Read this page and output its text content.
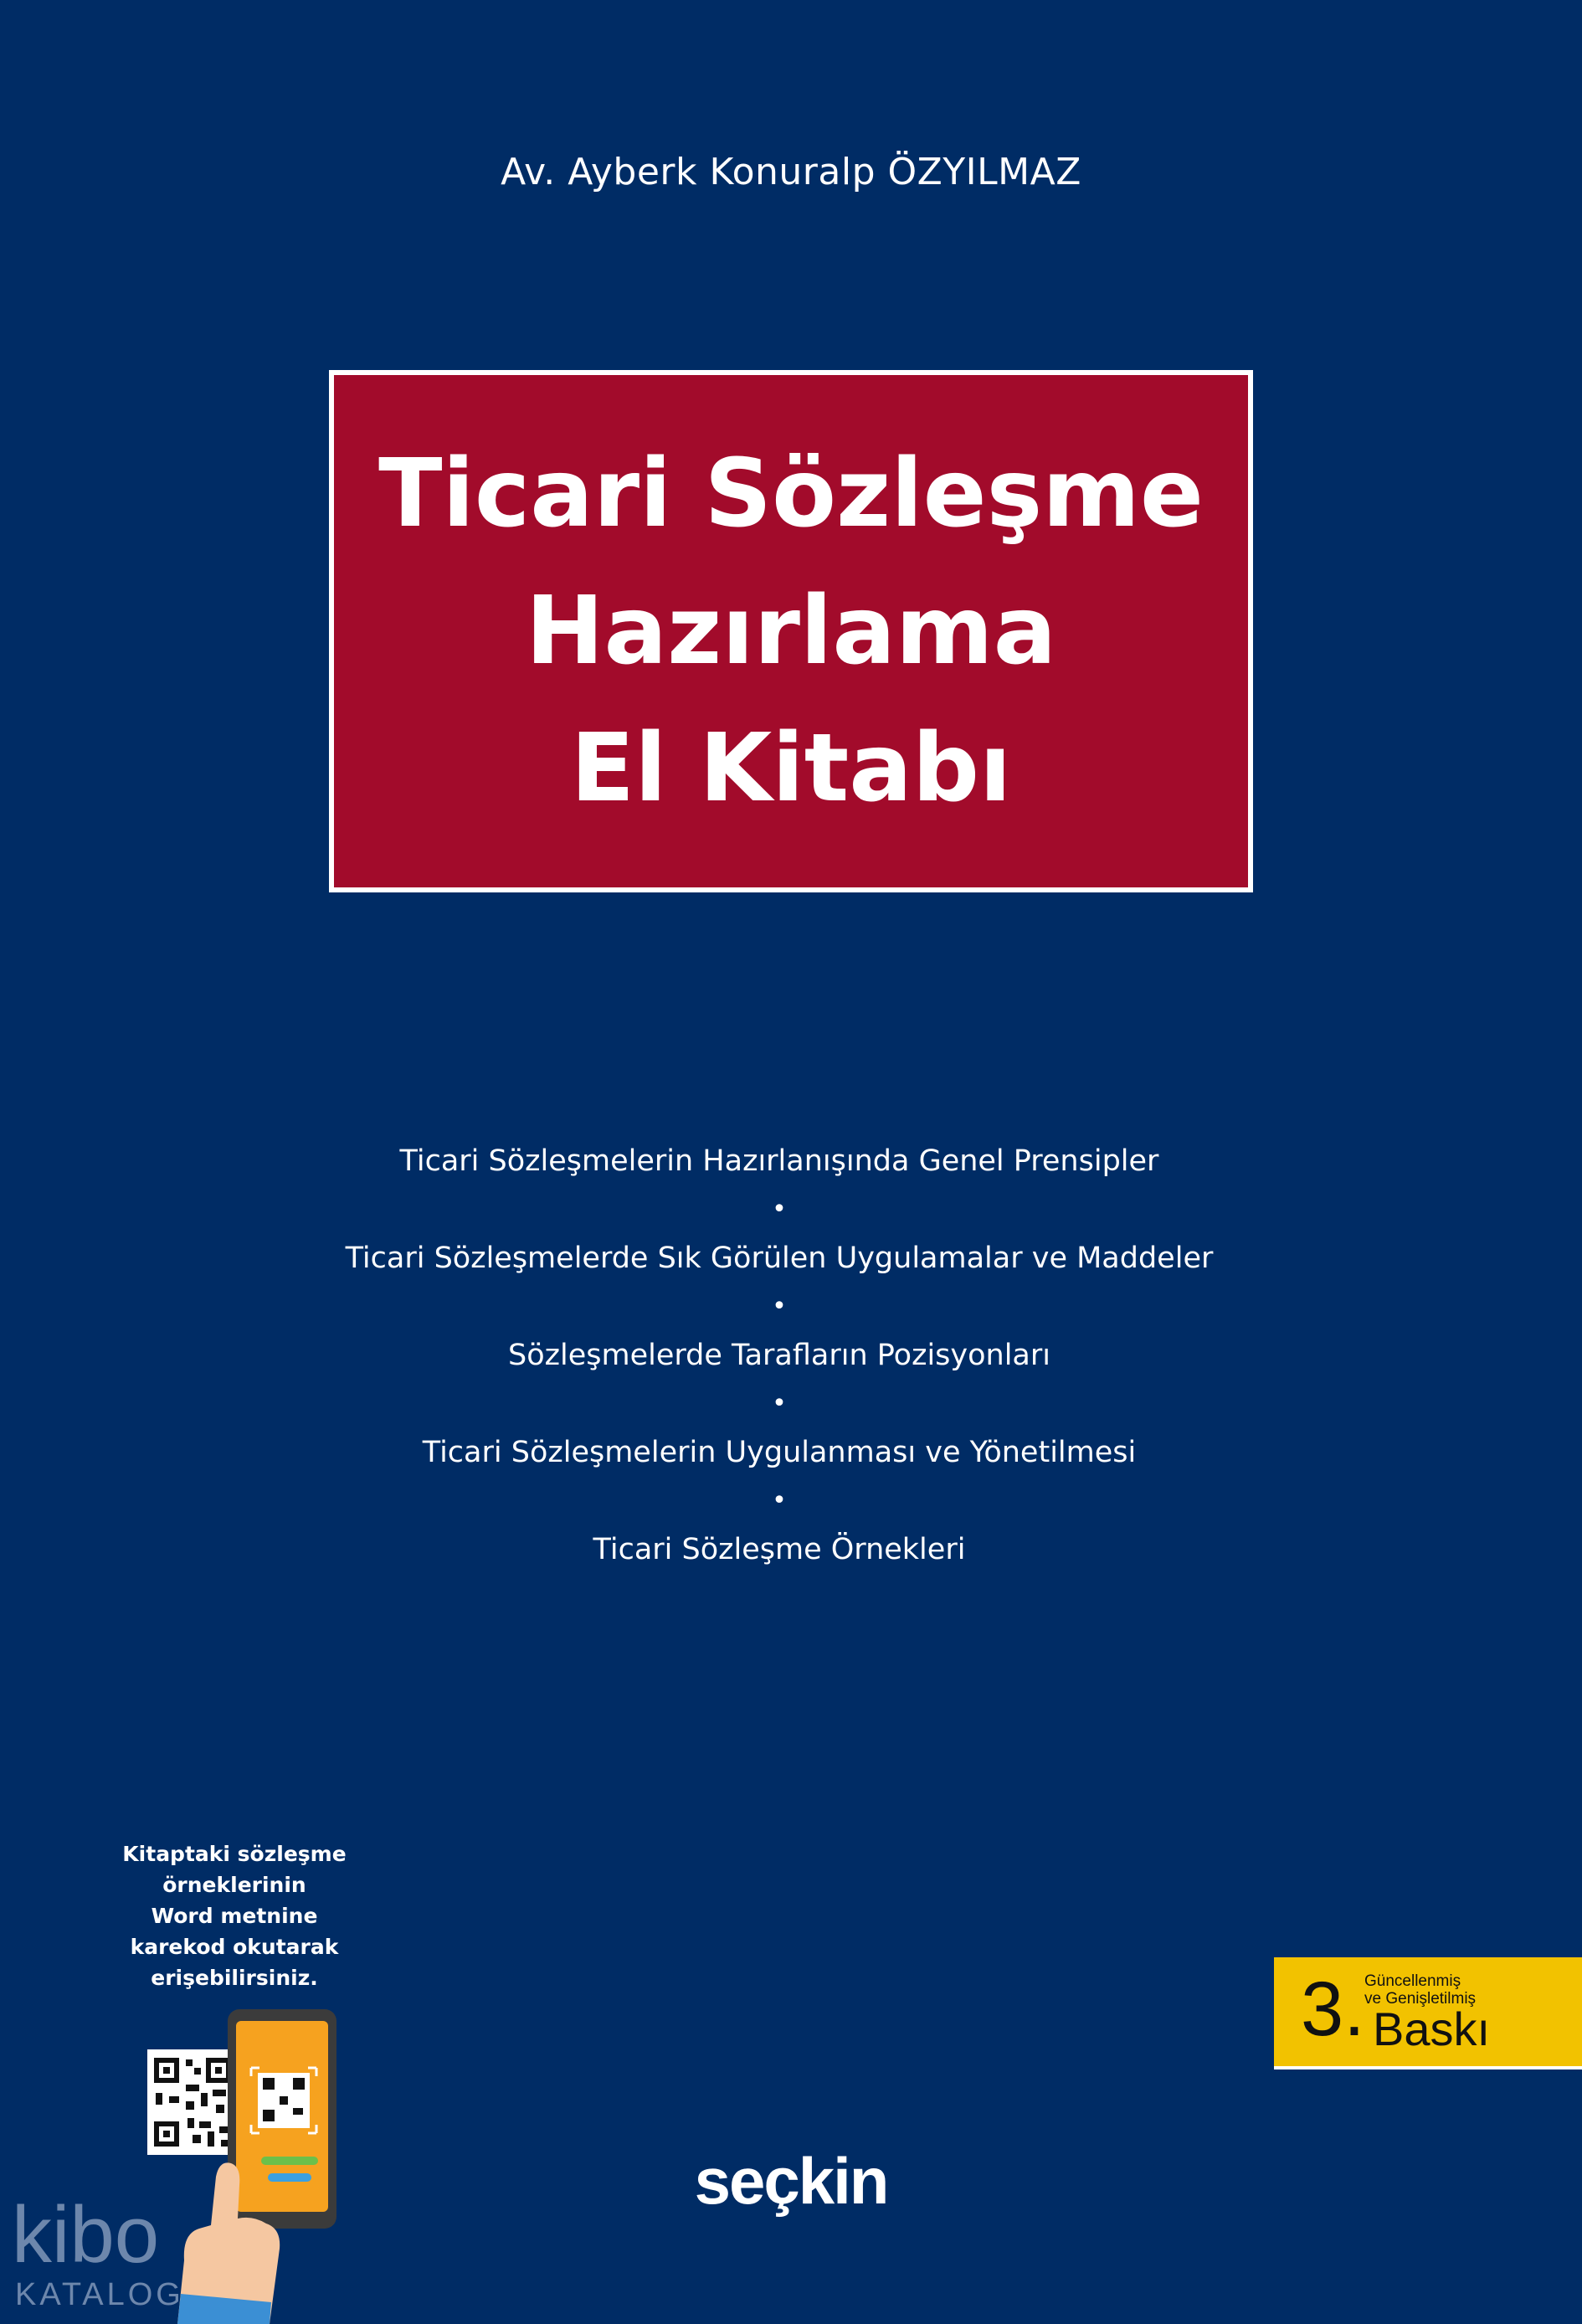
Av. Ayberk Konuralp ÖZYILMAZ
Ticari Sözleşme
Hazırlama
El Kitabı
Ticari Sözleşmelerin Hazırlanışında Genel Prensipler
•
Ticari Sözleşmelerde Sık Görülen Uygulamalar ve Maddeler
•
Sözleşmelerde Tarafların Pozisyonları
•
Ticari Sözleşmelerin Uygulanması ve Yönetilmesi
•
Ticari Sözleşme Örnekleri
Kitaptaki sözleşme
örneklerinin
Word metnine
karekod okutarak
erişebilirsiniz.	3. Güncellenmiş
ve Genişletilmiş
Baskı
seçkin
kibo
KATALOG
